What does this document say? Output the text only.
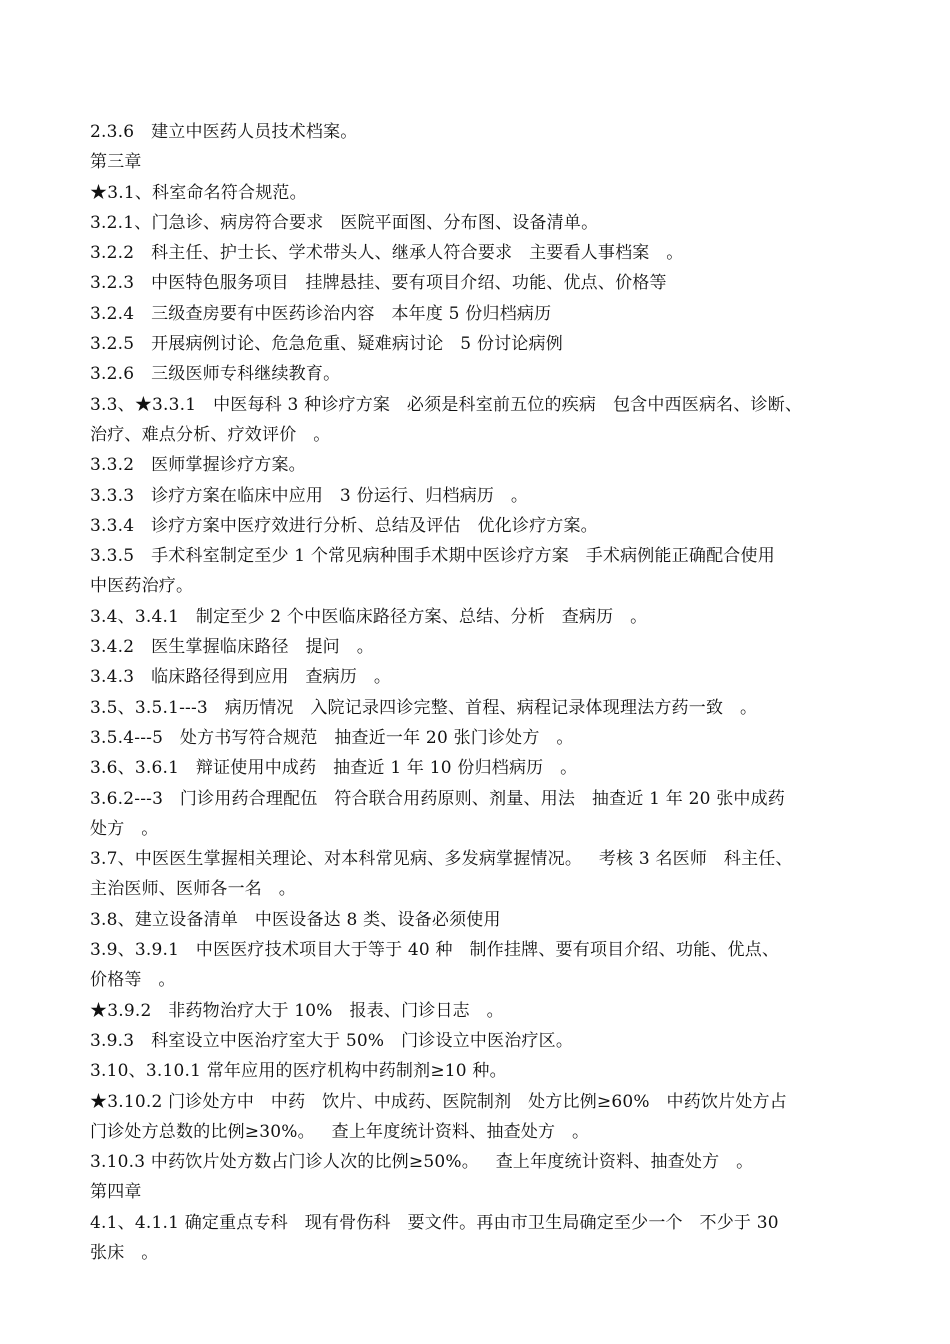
2.3.6   建立中医药人员技术档案。
第三章
★3.1、科室命名符合规范。
3.2.1、门急诊、病房符合要求   医院平面图、分布图、设备清单。
3.2.2   科主任、护士长、学术带头人、继承人符合要求   主要看人事档案   。
3.2.3   中医特色服务项目   挂牌悬挂、要有项目介绍、功能、优点、价格等
3.2.4   三级查房要有中医药诊治内容   本年度 5 份归档病历
3.2.5   开展病例讨论、危急危重、疑难病讨论   5 份讨论病例
3.2.6   三级医师专科继续教育。
3.3、★3.3.1   中医每科 3 种诊疗方案   必须是科室前五位的疾病   包含中西医病名、诊断、
治疗、难点分析、疗效评价   。
3.3.2   医师掌握诊疗方案。
3.3.3   诊疗方案在临床中应用   3 份运行、归档病历   。
3.3.4   诊疗方案中医疗效进行分析、总结及评估   优化诊疗方案。
3.3.5   手术科室制定至少 1 个常见病种围手术期中医诊疗方案   手术病例能正确配合使用
中医药治疗。
3.4、3.4.1   制定至少 2 个中医临床路径方案、总结、分析   查病历   。
3.4.2   医生掌握临床路径   提问   。
3.4.3   临床路径得到应用   查病历   。
3.5、3.5.1---3   病历情况   入院记录四诊完整、首程、病程记录体现理法方药一致   。
3.5.4---5   处方书写符合规范   抽查近一年 20 张门诊处方   。
3.6、3.6.1   辩证使用中成药   抽查近 1 年 10 份归档病历   。
3.6.2---3   门诊用药合理配伍   符合联合用药原则、剂量、用法   抽查近 1 年 20 张中成药
处方   。
3.7、中医医生掌握相关理论、对本科常见病、多发病掌握情况。   考核 3 名医师   科主任、
主治医师、医师各一名   。
3.8、建立设备清单   中医设备达 8 类、设备必须使用
3.9、3.9.1   中医医疗技术项目大于等于 40 种   制作挂牌、要有项目介绍、功能、优点、
价格等   。
★3.9.2   非药物治疗大于 10%   报表、门诊日志   。
3.9.3   科室设立中医治疗室大于 50%   门诊设立中医治疗区。
3.10、3.10.1 常年应用的医疗机构中药制剂≥10 种。
★3.10.2 门诊处方中   中药   饮片、中成药、医院制剂   处方比例≥60%   中药饮片处方占
门诊处方总数的比例≥30%。   查上年度统计资料、抽查处方   。
3.10.3 中药饮片处方数占门诊人次的比例≥50%。   查上年度统计资料、抽查处方   。
第四章
4.1、4.1.1 确定重点专科   现有骨伤科   要文件。再由市卫生局确定至少一个   不少于 30
张床   。
